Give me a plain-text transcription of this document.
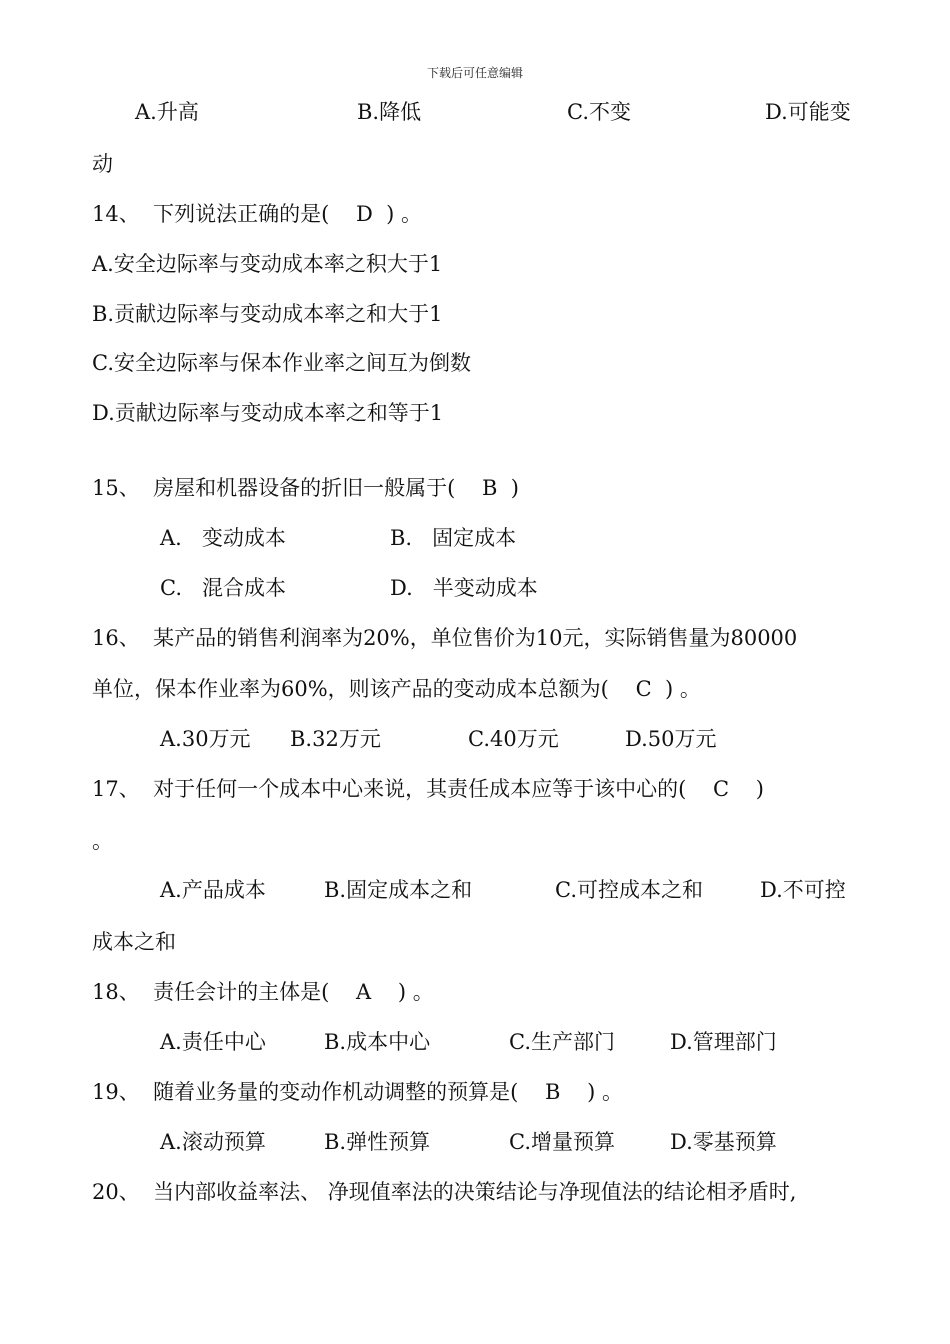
下载后可任意编辑
A.升高	B.降低	C.不变	D.可能变
动
14、  下列说法正确的是(    D  ) 。
A.安全边际率与变动成本率之积大于1
B.贡献边际率与变动成本率之和大于1
C.安全边际率与保本作业率之间互为倒数
D.贡献边际率与变动成本率之和等于1
15、  房屋和机器设备的折旧一般属于(    B  )
A.   变动成本	B.   固定成本
C.   混合成本	D.   半变动成本
16、  某产品的销售利润率为20%，单位售价为10元，实际销售量为80000
单位，保本作业率为60%，则该产品的变动成本总额为(    C  ) 。
A.30万元 B.32万元	C.40万元	D.50万元
17、  对于任何一个成本中心来说，其责任成本应等于该中心的(    C    )
。
A.产品成本	B.固定成本之和	C.可控成本之和	D.不可控
成本之和
18、  责任会计的主体是(    A    ) 。
A.责任中心	B.成本中心	C.生产部门	D.管理部门
19、  随着业务量的变动作机动调整的预算是(    B    ) 。
A.滚动预算	B.弹性预算	C.增量预算	D.零基预算
20、  当内部收益率法、 净现值率法的决策结论与净现值法的结论相矛盾时,
